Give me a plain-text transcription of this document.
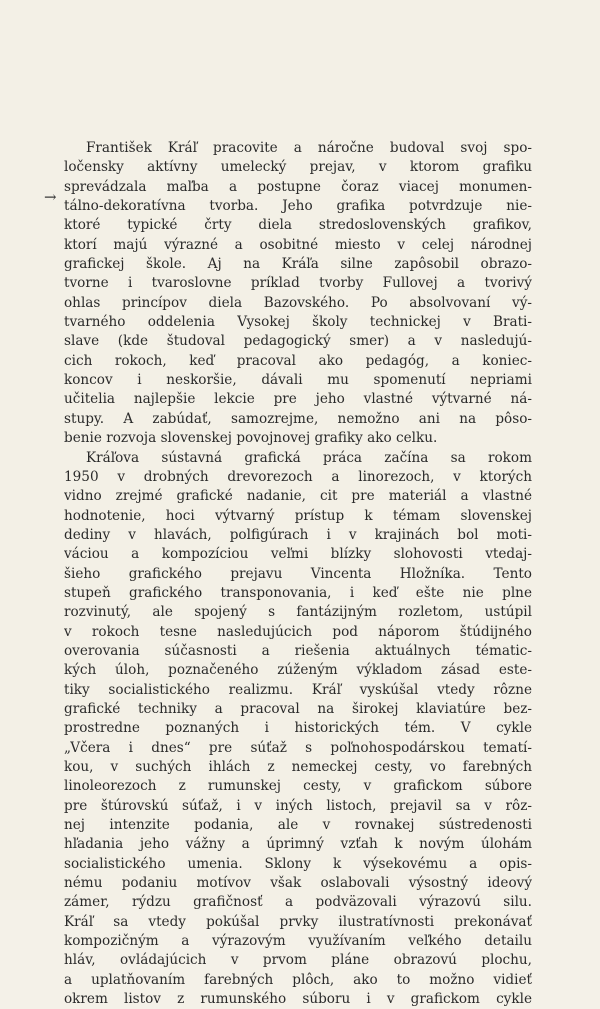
→
František Kráľ pracovite a náročne budoval svoj spo-
ločensky aktívny umelecký prejav, v ktorom grafiku
sprevádzala maľba a postupne čoraz viacej monumen-
tálno-dekoratívna tvorba. Jeho grafika potvrdzuje nie-
ktoré typické črty diela stredoslovenských grafikov,
ktorí majú výrazné a osobitné miesto v celej národnej
grafickej škole. Aj na Kráľa silne zapôsobil obrazo-
tvorne i tvaroslovne príklad tvorby Fullovej a tvorivý
ohlas princípov diela Bazovského. Po absolvovaní vý-
tvarného oddelenia Vysokej školy technickej v Brati-
slave (kde študoval pedagogický smer) a v nasledujú-
cich rokoch, keď pracoval ako pedagóg, a koniec-
koncov i neskoršie, dávali mu spomenutí nepriami
učitelia najlepšie lekcie pre jeho vlastné výtvarné ná-
stupy. A zabúdať, samozrejme, nemožno ani na pôso-
benie rozvoja slovenskej povojnovej grafiky ako celku.
Kráľova sústavná grafická práca začína sa rokom
1950 v drobných drevorezoch a linorezoch, v ktorých
vidno zrejmé grafické nadanie, cit pre materiál a vlastné
hodnotenie, hoci výtvarný prístup k témam slovenskej
dediny v hlavách, polfigúrach i v krajinách bol moti-
váciou a kompozíciou veľmi blízky slohovosti vtedaj-
šieho grafického prejavu Vincenta Hložníka. Tento
stupeň grafického transponovania, i keď ešte nie plne
rozvinutý, ale spojený s fantázijným rozletom, ustúpil
v rokoch tesne nasledujúcich pod náporom štúdijného
overovania súčasnosti a riešenia aktuálnych tématic-
kých úloh, poznačeného zúženým výkladom zásad este-
tiky socialistického realizmu. Kráľ vyskúšal vtedy rôzne
grafické techniky a pracoval na širokej klaviatúre bez-
prostredne poznaných i historických tém. V cykle
„Včera i dnes“ pre súťaž s poľnohospodárskou tematí-
kou, v suchých ihlách z nemeckej cesty, vo farebných
linoleorezoch z rumunskej cesty, v grafickom súbore
pre štúrovskú súťaž, i v iných listoch, prejavil sa v rôz-
nej intenzite podania, ale v rovnakej sústredenosti
hľadania jeho vážny a úprimný vzťah k novým úlohám
socialistického umenia. Sklony k výsekovému a opis-
nému podaniu motívov však oslabovali výsostný ideový
zámer, rýdzu grafičnosť a podväzovali výrazovú silu.
Kráľ sa vtedy pokúšal prvky ilustratívnosti prekonávať
kompozičným a výrazovým využívaním veľkého detailu
hláv, ovládajúcich v prvom pláne obrazovú plochu,
a uplatňovaním farebných plôch, ako to možno vidieť
okrem listov z rumunského súboru i v grafickom cykle
